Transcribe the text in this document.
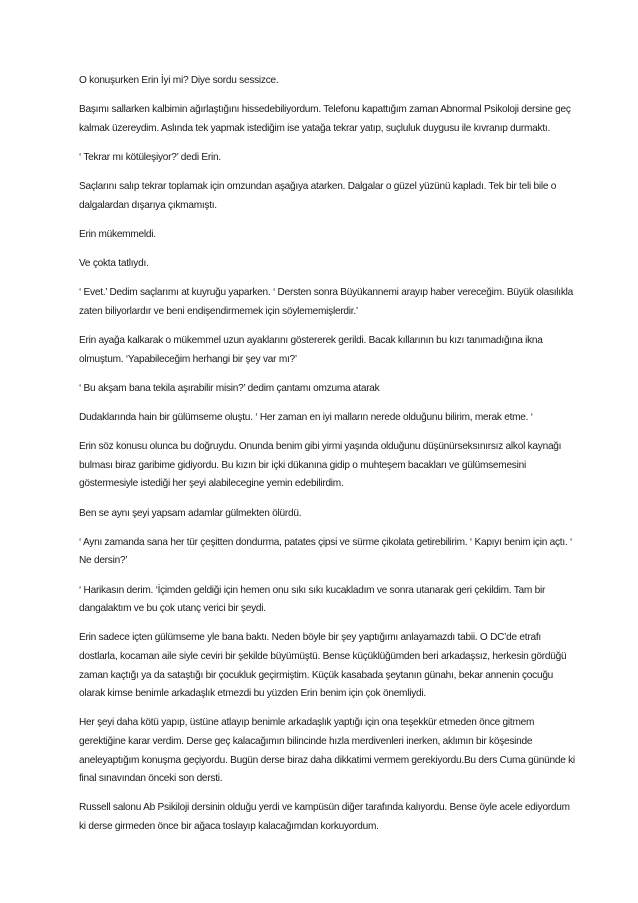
O konuşurken Erin İyi mi? Diye sordu sessizce.

Başımı sallarken kalbimin ağırlaştığını hissedebiliyordum. Telefonu kapattığım zaman Abnormal Psikoloji dersine geç kalmak üzereydim. Aslında tek yapmak istediğim ise yatağa tekrar yatıp, suçluluk duygusu ile kıvranıp durmaktı.

‘ Tekrar mı kötüleşiyor?’ dedi Erin.

Saçlarını salıp tekrar toplamak için omzundan aşağıya atarken. Dalgalar o güzel yüzünü kapladı. Tek bir teli bile o dalgalardan dışarıya çıkmamıştı.

Erin mükemmeldi.

Ve çokta tatlıydı.

‘ Evet.’ Dedim saçlarımı at kuyruğu yaparken. ‘ Dersten sonra Büyükannemi arayıp haber vereceğim. Büyük olasılıkla zaten biliyorlardır ve beni endişendirmemek için söylememişlerdir.’

Erin ayağa kalkarak o mükemmel uzun ayaklarını göstererek gerildi. Bacak kıllarının bu kızı tanımadığına ikna olmuştum. ‘Yapabileceğim herhangi bir şey var mı?’

‘ Bu akşam bana tekila aşırabilir misin?’ dedim çantamı omzuma atarak

Dudaklarında hain bir gülümseme oluştu. ‘ Her zaman en iyi malların nerede olduğunu bilirim, merak etme. ‘

Erin söz konusu olunca bu doğruydu. Onunda benim gibi yirmi yaşında olduğunu düşünürseksınırsız alkol kaynağı bulması biraz garibime gidiyordu. Bu kızın bir içki dükanına gidip o muhteşem bacakları ve gülümsemesini göstermesiyle istediği her şeyi alabilecegine yemin edebilirdim.

Ben se aynı şeyi yapsam adamlar gülmekten ölürdü.

‘ Aynı zamanda sana her tür çeşitten dondurma, patates çipsi ve sürme çikolata getirebilirim. ‘ Kapıyı benim için açtı. ‘ Ne dersin?’

‘ Harikasın derim. ‘İçimden geldiği için hemen onu sıkı sıkı kucakladım ve sonra utanarak geri çekildim. Tam bir dangalaktım ve bu çok utanç verici bir şeydi.

Erin sadece içten gülümseme yle bana baktı. Neden böyle bir şey yaptığımı anlayamazdı tabii. O DC’de etrafı dostlarla, kocaman aile siyle ceviri bir şekilde büyümüştü. Bense küçüklüğümden beri arkadaşsız, herkesin gördüğü zaman kaçtığı ya da sataştığı bir çocukluk geçirmiştim. Küçük kasabada şeytanın günahı, bekar annenin çocuğu olarak kimse benimle arkadaşlık etmezdi bu yüzden Erin benim için çok önemliydi.

Her şeyi daha kötü yapıp, üstüne atlayıp benimle arkadaşlık yaptığı için ona teşekkür etmeden önce gitmem gerektiğine karar verdim. Derse geç kalacağımın bilincinde hızla merdivenleri inerken, aklımın bir köşesinde aneleyaptığım konuşma geçiyordu. Bugün derse biraz daha dikkatimi vermem gerekiyordu.Bu ders Cuma gününde ki final sınavından önceki son dersti.

Russell salonu Ab Psikiloji dersinin olduğu yerdi ve kampüsün diğer tarafında kalıyordu. Bense öyle acele ediyordum ki derse girmeden önce bir ağaca toslayıp kalacağımdan korkuyordum.
